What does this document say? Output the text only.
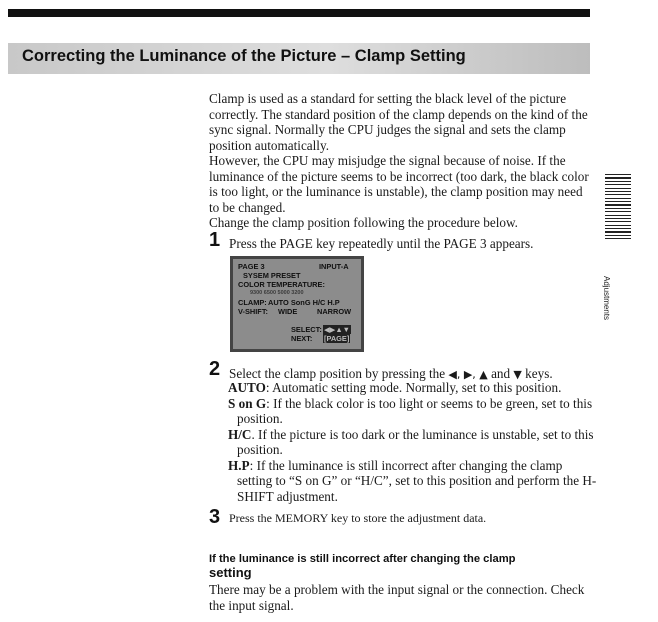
Correcting the Luminance of the Picture – Clamp Setting

Clamp is used as a standard for setting the black level of the picture correctly. The standard position of the clamp depends on the kind of the sync signal. Normally the CPU judges the signal and sets the clamp position automatically.

However, the CPU may misjudge the signal because of noise. If the luminance of the picture seems to be incorrect (too dark, the black color is too light, or the luminance is unstable), the clamp position may need to be changed.

Change the clamp position following the procedure below.

1 Press the PAGE key repeatedly until the PAGE 3 appears.

PAGE 3	INPUT-A
SYSEM PRESET
COLOR TEMPERATURE:
9300 6500 5000 3200
CLAMP: AUTO SonG H/C H.P
V-SHIFT: WIDE	NARROW
SELECT: ◀▶▲▼
NEXT: [PAGE]
2 Select the clamp position by pressing the ◀, ▶, ▲ and ▼ keys.

AUTO: Automatic setting mode. Normally, set to this position.

S on G: If the black color is too light or seems to be green, set to this position.

H/C. If the picture is too dark or the luminance is unstable, set to this position.

H.P: If the luminance is still incorrect after changing the clamp setting to “S on G” or “H/C”, set to this position and perform the H-SHIFT adjustment.

3 Press the MEMORY key to store the adjustment data.

If the luminance is still incorrect after changing the clamp
setting

There may be a problem with the input signal or the connection. Check the input signal.

Adjustments
